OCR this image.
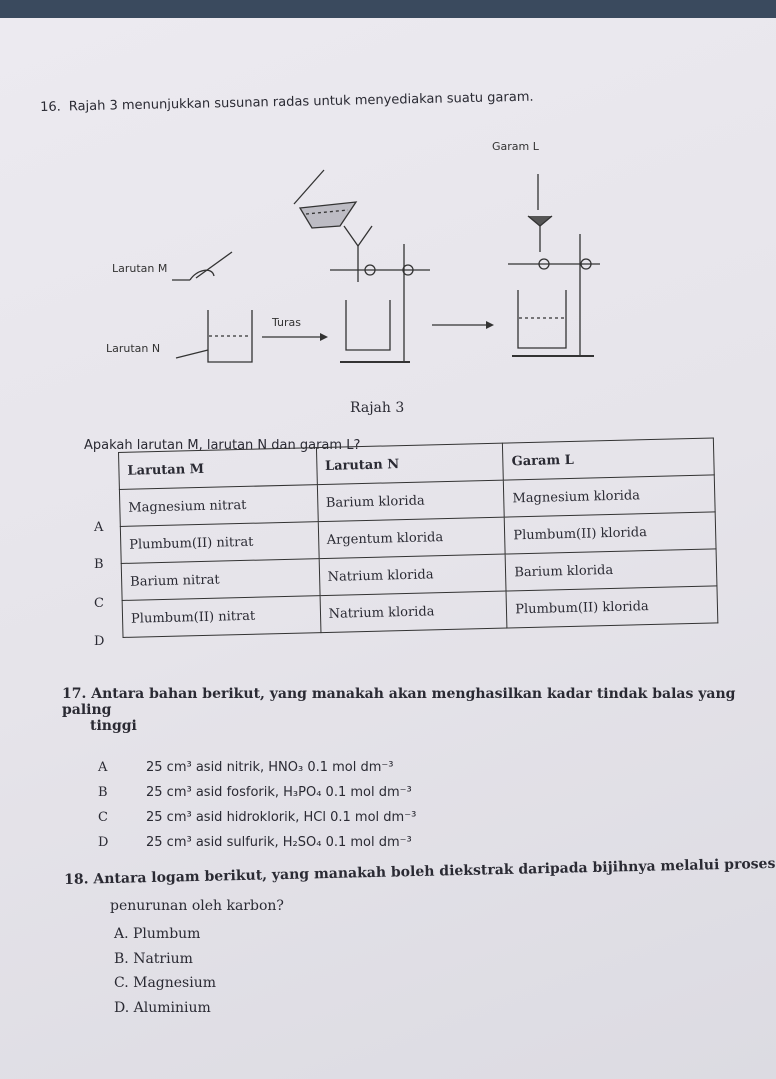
16. Rajah 3 menunjukkan susunan radas untuk menyediakan suatu garam.
Garam L
Larutan M
Larutan N
Turas
Rajah 3
Apakah larutan M, larutan N dan garam L?
Larutan M	Larutan N	Garam L
Magnesium nitrat	Barium klorida	Magnesium klorida
Plumbum(II) nitrat	Argentum klorida	Plumbum(II) klorida
Barium nitrat	Natrium klorida	Barium klorida
Plumbum(II) nitrat	Natrium klorida	Plumbum(II) klorida
A
B
C
D
17. Antara bahan berikut, yang manakah akan menghasilkan kadar tindak balas yang paling
tinggi
A	25 cm³ asid nitrik, HNO₃ 0.1 mol dm⁻³
B	25 cm³ asid fosforik, H₃PO₄ 0.1 mol dm⁻³
C	25 cm³ asid hidroklorik, HCl 0.1 mol dm⁻³
D	25 cm³ asid sulfurik, H₂SO₄ 0.1 mol dm⁻³
18. Antara logam berikut, yang manakah boleh diekstrak daripada bijihnya melalui proses
penurunan oleh karbon?
A. Plumbum
B. Natrium
C. Magnesium
D. Aluminium
